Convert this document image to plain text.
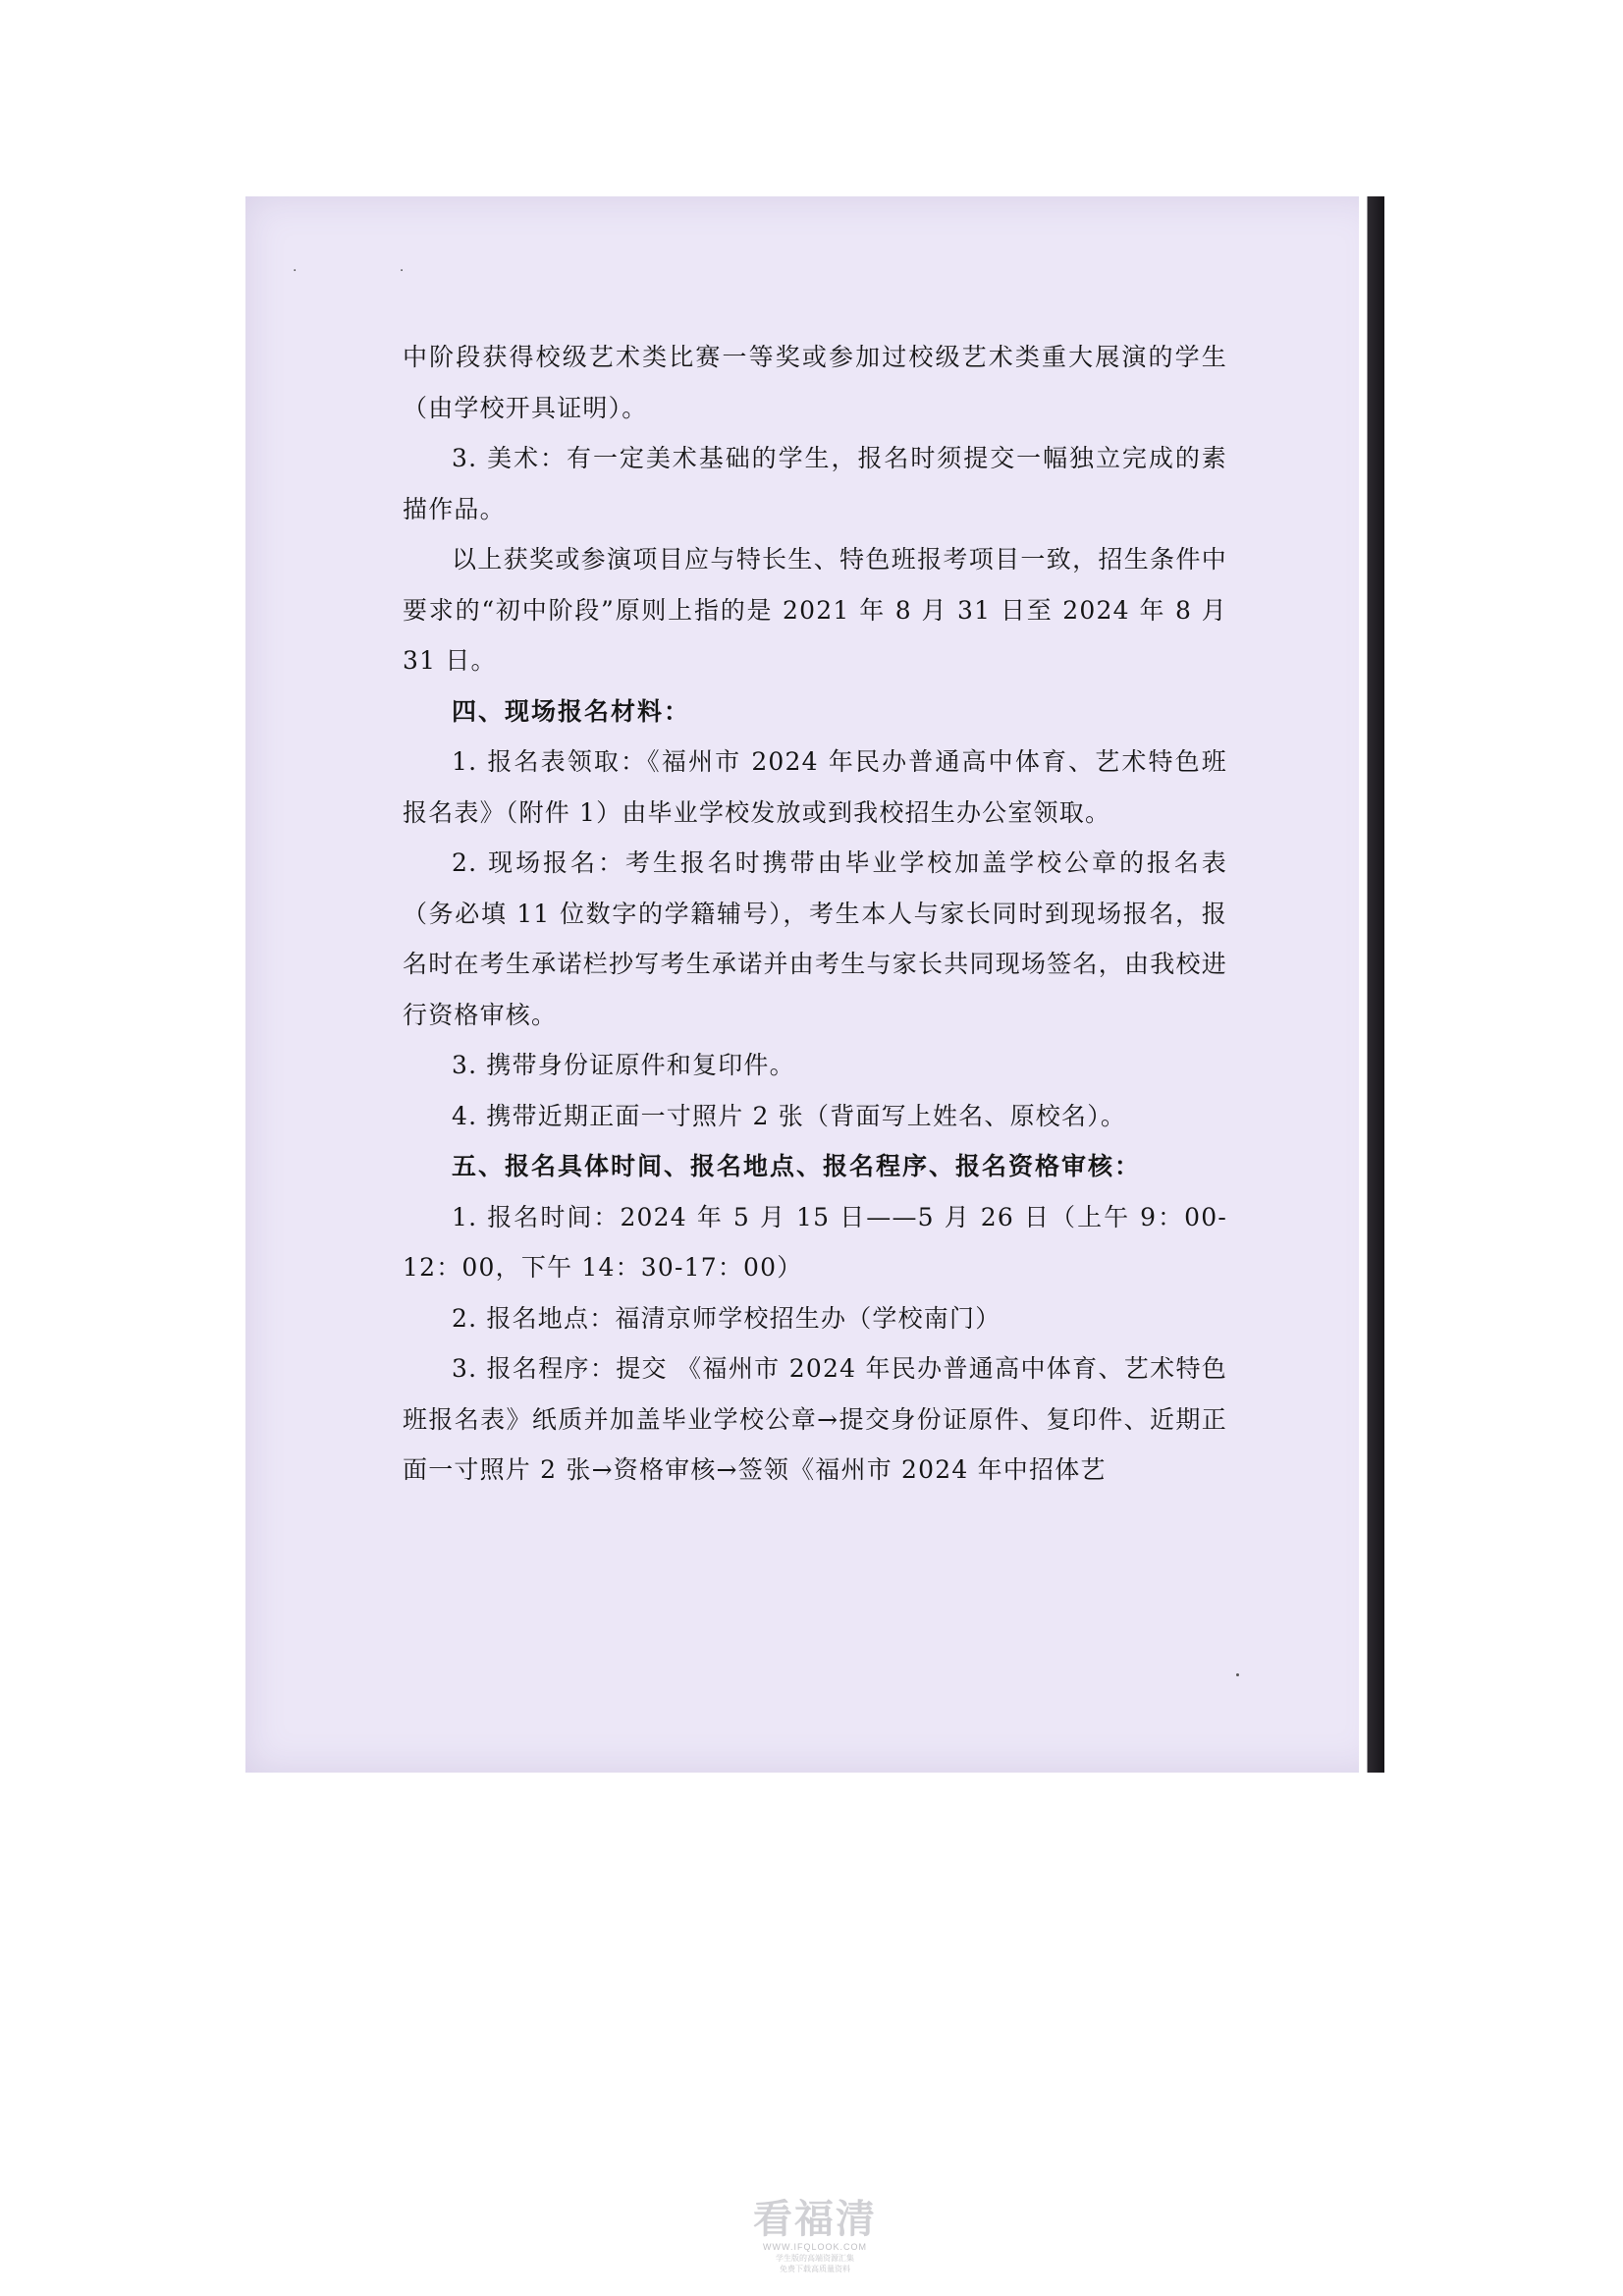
· ·

中阶段获得校级艺术类比赛一等奖或参加过校级艺术类重大展演的学生（由学校开具证明）。

3. 美术：有一定美术基础的学生，报名时须提交一幅独立完成的素描作品。

以上获奖或参演项目应与特长生、特色班报考项目一致，招生条件中要求的“初中阶段”原则上指的是 2021 年 8 月 31 日至 2024 年 8 月 31 日。

四、现场报名材料：

1. 报名表领取：《福州市 2024 年民办普通高中体育、艺术特色班报名表》（附件 1）由毕业学校发放或到我校招生办公室领取。

2. 现场报名：考生报名时携带由毕业学校加盖学校公章的报名表（务必填 11 位数字的学籍辅号），考生本人与家长同时到现场报名，报名时在考生承诺栏抄写考生承诺并由考生与家长共同现场签名，由我校进行资格审核。

3. 携带身份证原件和复印件。

4. 携带近期正面一寸照片 2 张（背面写上姓名、原校名）。

五、报名具体时间、报名地点、报名程序、报名资格审核：

1. 报名时间：2024 年 5 月 15 日——5 月 26 日（上午 9：00-12：00，下午 14：30-17：00）

2. 报名地点：福清京师学校招生办（学校南门）

3. 报名程序：提交 《福州市 2024 年民办普通高中体育、艺术特色班报名表》纸质并加盖毕业学校公章→提交身份证原件、复印件、近期正面一寸照片 2 张→资格审核→签领《福州市 2024 年中招体艺

看福清
WWW.IFQLOOK.COM
学生版的高端资源汇集
免费下载高质量资料
